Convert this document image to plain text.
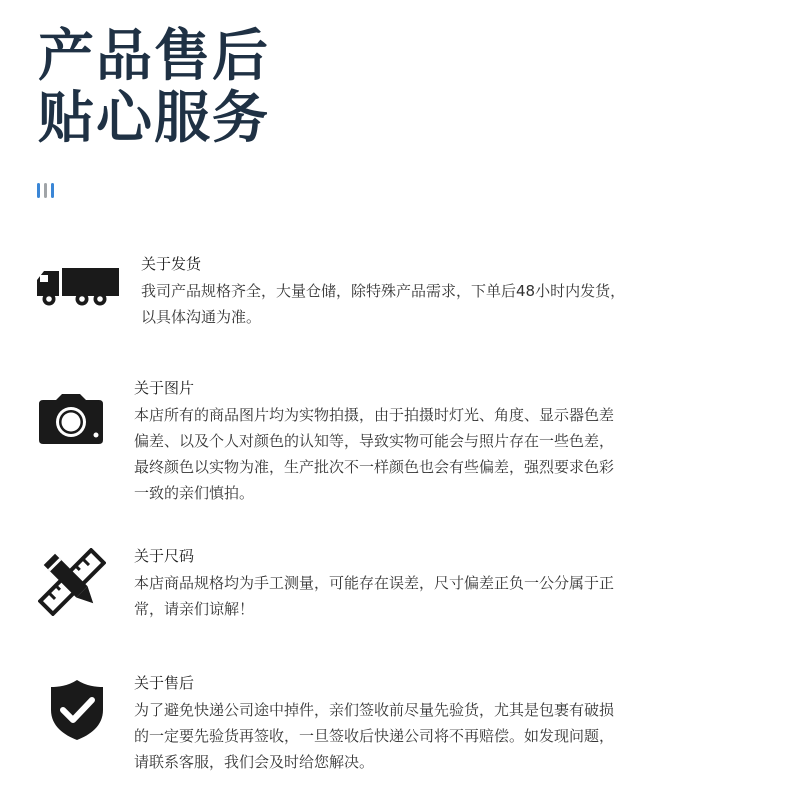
产品售后
贴心服务
关于发货
我司产品规格齐全，大量仓储，除特殊产品需求，下单后48小时内发货，
以具体沟通为准。
关于图片
本店所有的商品图片均为实物拍摄，由于拍摄时灯光、角度、显示器色差
偏差、以及个人对颜色的认知等，导致实物可能会与照片存在一些色差，
最终颜色以实物为准，生产批次不一样颜色也会有些偏差，强烈要求色彩
一致的亲们慎拍。
关于尺码
本店商品规格均为手工测量，可能存在误差，尺寸偏差正负一公分属于正
常，请亲们谅解！
关于售后
为了避免快递公司途中掉件，亲们签收前尽量先验货，尤其是包裹有破损
的一定要先验货再签收，一旦签收后快递公司将不再赔偿。如发现问题，
请联系客服，我们会及时给您解决。
